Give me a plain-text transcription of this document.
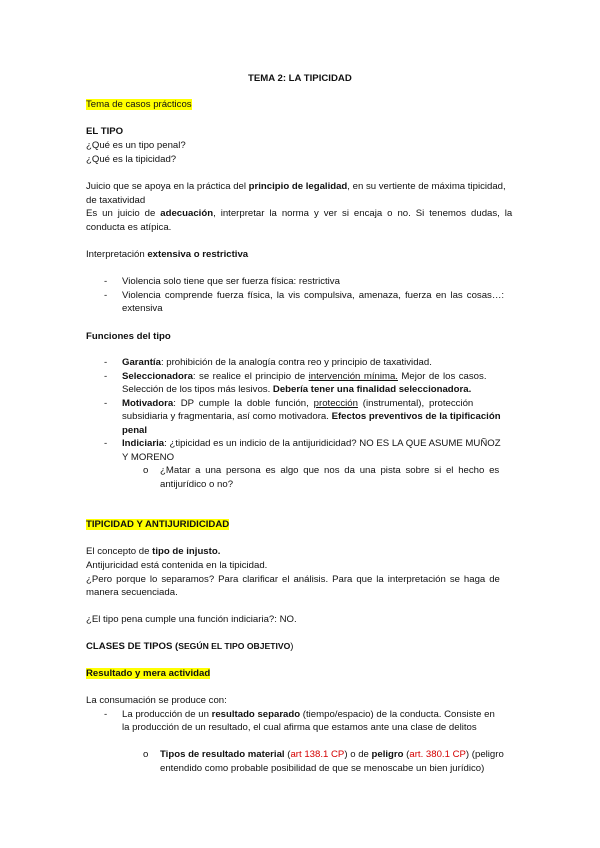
TEMA 2: LA TIPICIDAD
Tema de casos prácticos
EL TIPO
¿Qué es un tipo penal?
¿Qué es la tipicidad?
Juicio que se apoya en la práctica del principio de legalidad, en su vertiente de máxima tipicidad,
de taxatividad
Es un juicio de adecuación, interpretar la norma y ver si encaja o no. Si tenemos dudas, la
conducta es atípica.
Interpretación extensiva o restrictiva
- Violencia solo tiene que ser fuerza física: restrictiva
- Violencia comprende fuerza física, la vis compulsiva, amenaza, fuerza en las cosas…:
extensiva
Funciones del tipo
- Garantía: prohibición de la analogía contra reo y principio de taxatividad.
- Seleccionadora: se realice el principio de intervención mínima. Mejor de los casos.
Selección de los tipos más lesivos. Debería tener una finalidad seleccionadora.
- Motivadora: DP cumple la doble función, protección (instrumental), protección
subsidiaria y fragmentaria, así como motivadora. Efectos preventivos de la tipificación
penal
- Indiciaria: ¿tipicidad es un indicio de la antijuridicidad? NO ES LA QUE ASUME MUÑOZ
Y MORENO
o ¿Matar a una persona es algo que nos da una pista sobre si el hecho es
antijurídico o no?
TIPICIDAD Y ANTIJURIDICIDAD
El concepto de tipo de injusto.
Antijuricidad está contenida en la tipicidad.
¿Pero porque lo separamos? Para clarificar el análisis. Para que la interpretación se haga de
manera secuenciada.
¿El tipo pena cumple una función indiciaria?: NO.
CLASES DE TIPOS (SEGÚN EL TIPO OBJETIVO)
Resultado y mera actividad
La consumación se produce con:
- La producción de un resultado separado (tiempo/espacio) de la conducta. Consiste en
la producción de un resultado, el cual afirma que estamos ante una clase de delitos
o Tipos de resultado material (art 138.1 CP) o de peligro (art. 380.1 CP) (peligro
entendido como probable posibilidad de que se menoscabe un bien jurídico)
